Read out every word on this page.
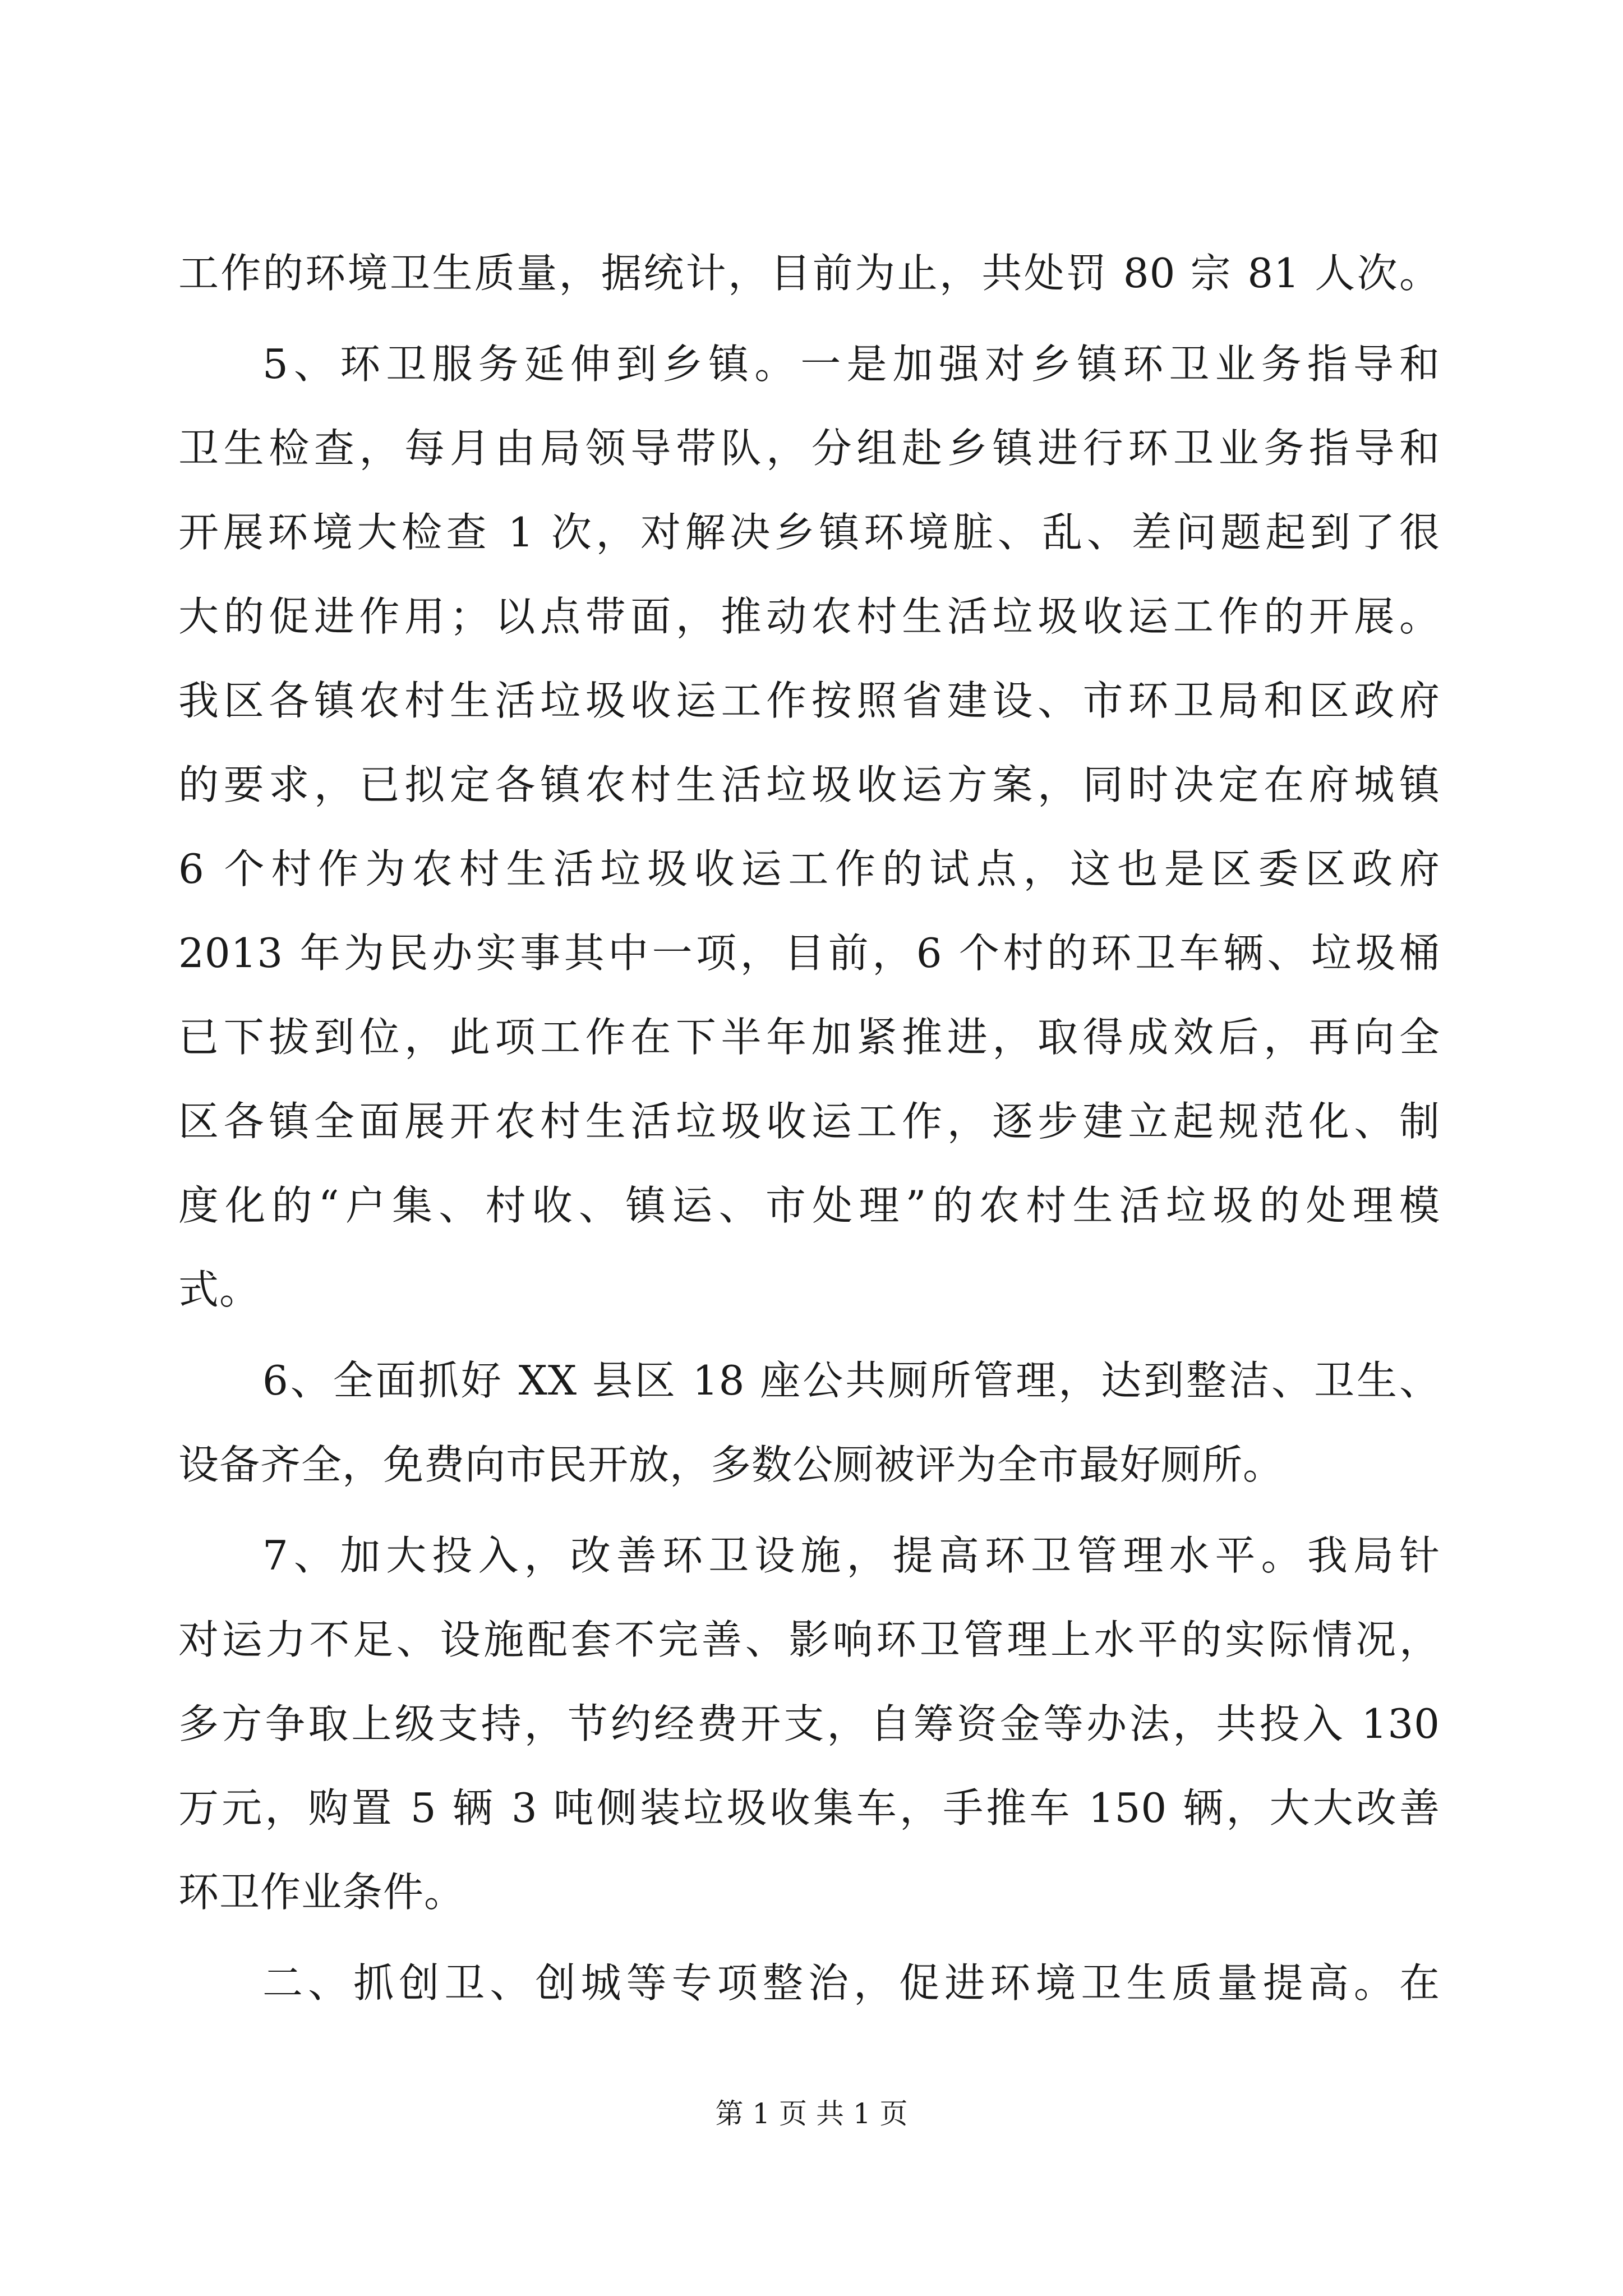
工作的环境卫生质量，据统计，目前为止，共处罚 80 宗 81 人次。
5、环卫服务延伸到乡镇。一是加强对乡镇环卫业务指导和
卫生检查，每月由局领导带队，分组赴乡镇进行环卫业务指导和
开展环境大检查 1 次，对解决乡镇环境脏、乱、差问题起到了很
大的促进作用；以点带面，推动农村生活垃圾收运工作的开展。
我区各镇农村生活垃圾收运工作按照省建设、市环卫局和区政府
的要求，已拟定各镇农村生活垃圾收运方案，同时决定在府城镇
6 个村作为农村生活垃圾收运工作的试点，这也是区委区政府
2013 年为民办实事其中一项，目前，6 个村的环卫车辆、垃圾桶
已下拔到位，此项工作在下半年加紧推进，取得成效后，再向全
区各镇全面展开农村生活垃圾收运工作，逐步建立起规范化、制
度化的“户集、村收、镇运、市处理”的农村生活垃圾的处理模
式。
6、全面抓好 XX 县区 18 座公共厕所管理，达到整洁、卫生、
设备齐全，免费向市民开放，多数公厕被评为全市最好厕所。
7、加大投入，改善环卫设施，提高环卫管理水平。我局针
对运力不足、设施配套不完善、影响环卫管理上水平的实际情况，
多方争取上级支持，节约经费开支，自筹资金等办法，共投入 130
万元，购置 5 辆 3 吨侧装垃圾收集车，手推车 150 辆，大大改善
环卫作业条件。
二、抓创卫、创城等专项整治，促进环境卫生质量提高。在
第 1 页 共 1 页
